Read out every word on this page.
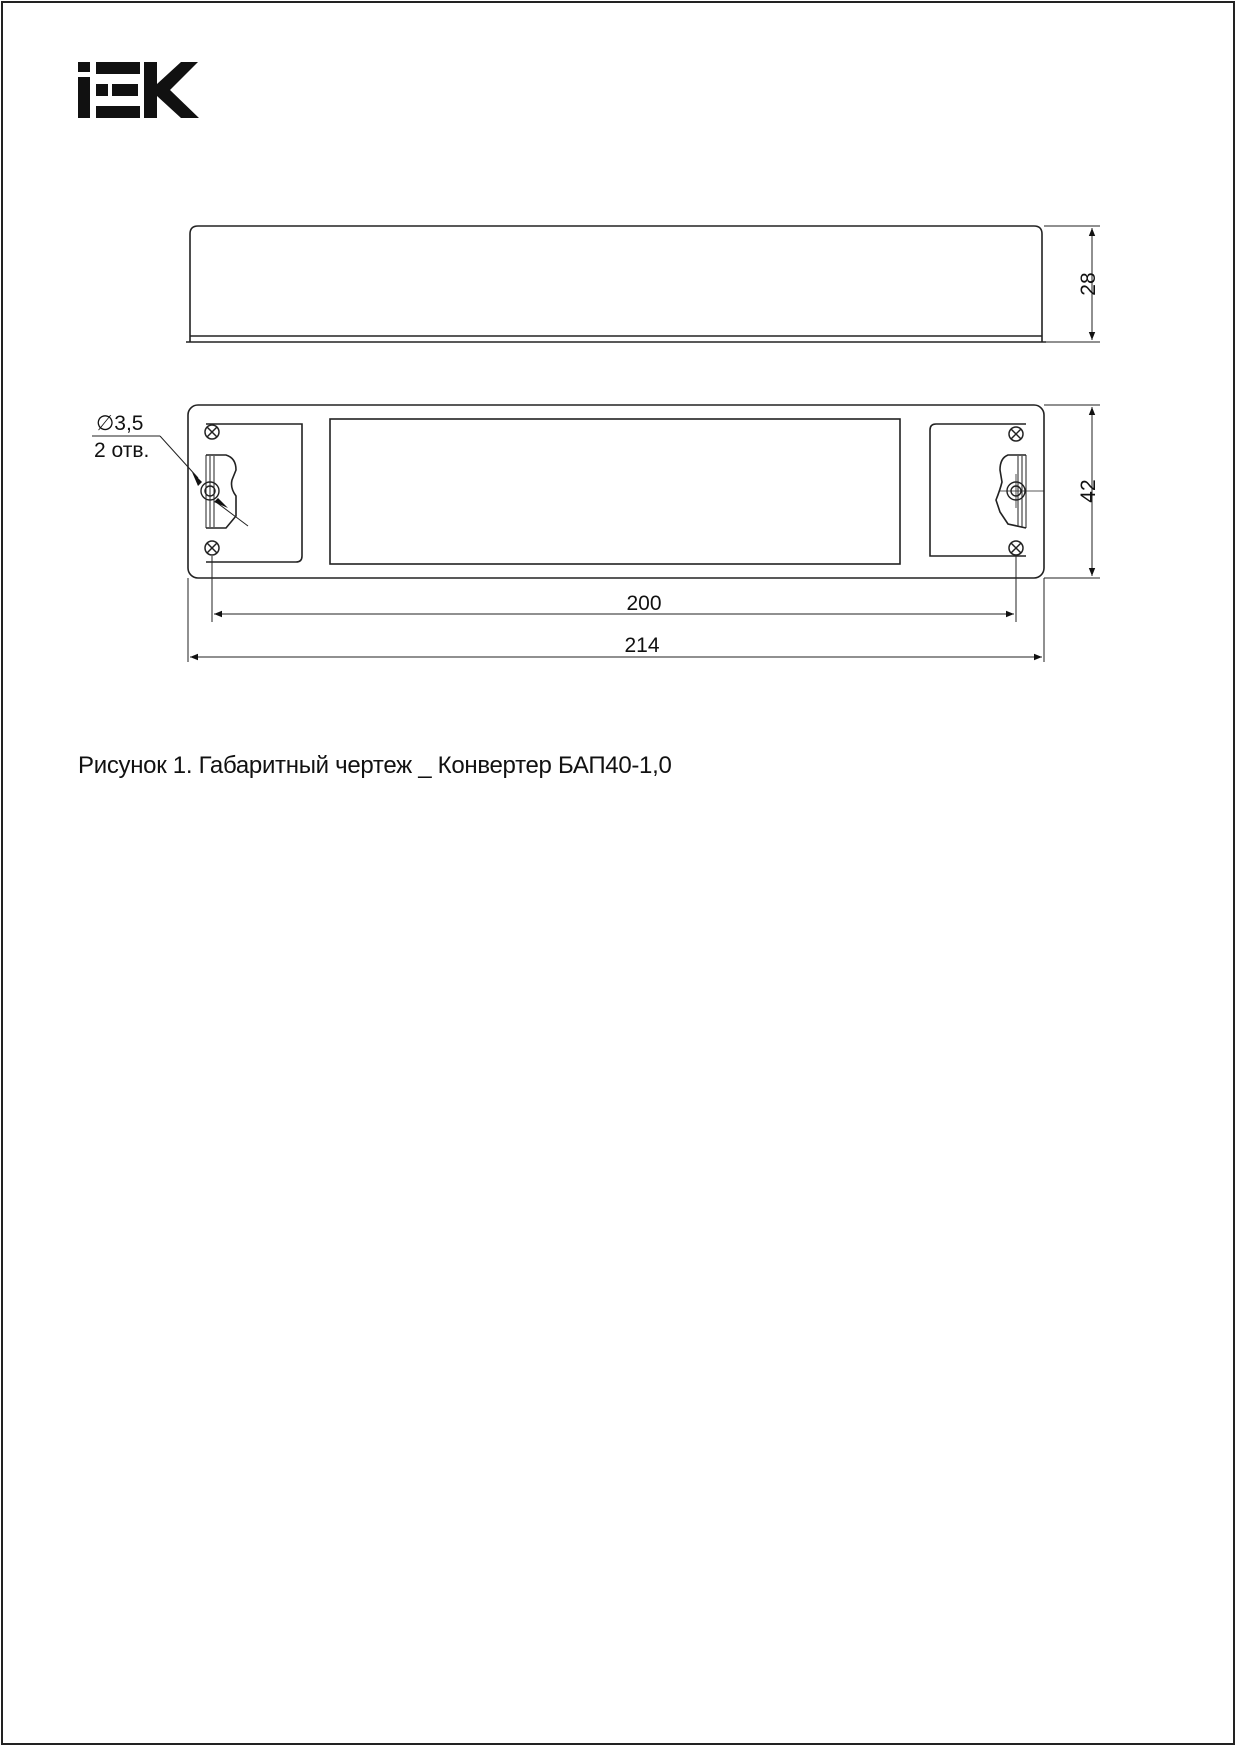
28
∅3,5
2 отв.
42
200
214
Рисунок 1. Габаритный чертеж _ Конвертер БАП40-1,0
